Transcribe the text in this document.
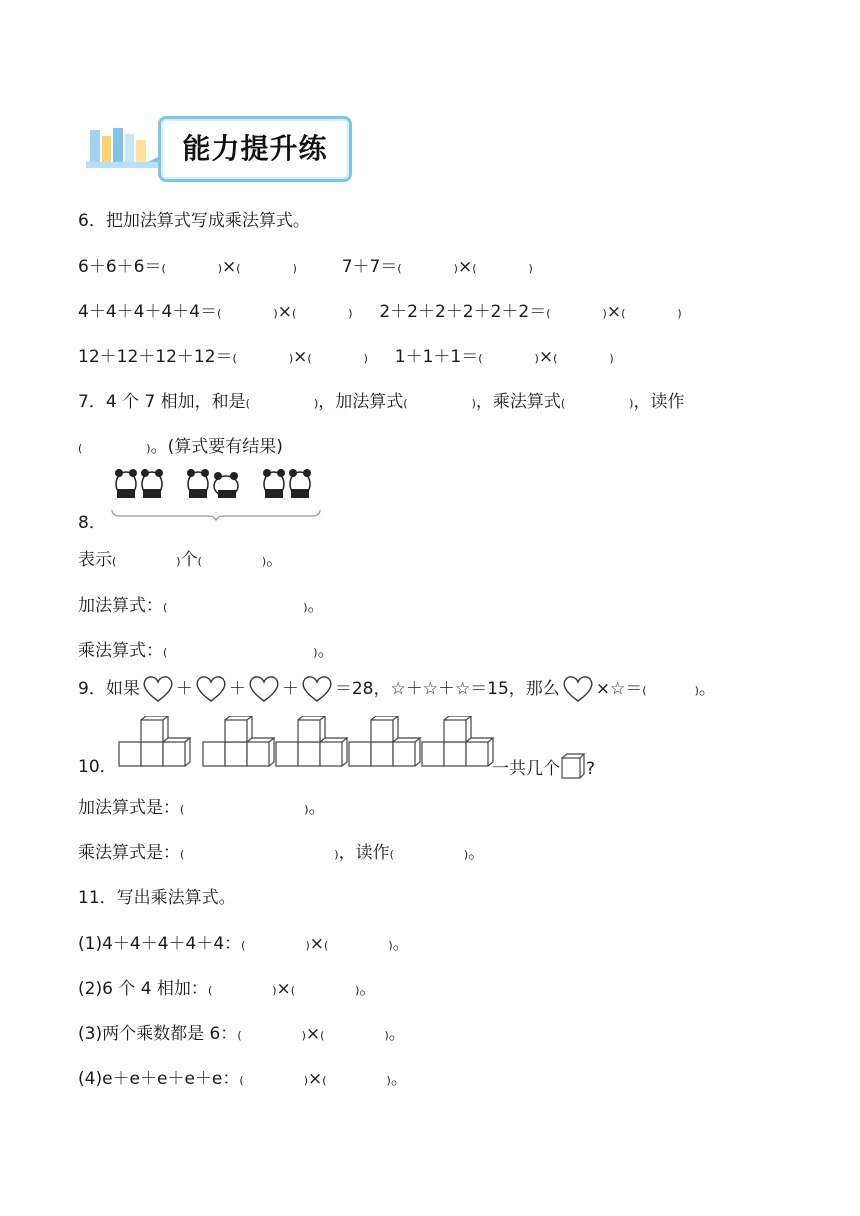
能力提升练
6．把加法算式写成乘法算式。
6＋6＋6＝(	)×(	)	7＋7＝(	)×(	)
4＋4＋4＋4＋4＝(	)×(	) 2＋2＋2＋2＋2＋2＝(	)×(	)
12＋12＋12＋12＝(	)×(	) 1＋1＋1＝(	)×(	)
7．4 个 7 相加，和是(	)，加法算式(	)，乘法算式(	)，读作
(	)。(算式要有结果)
8．
表示(	)个(	)。
加法算式：(	)。
乘法算式：(	)。
9．如果 ＋ ＋ ＋ ＝28，☆＋☆＋☆＝15，那么 ×☆＝(	)。
10．	一共几个 ?
加法算式是：(	)。
乘法算式是：(	)，读作(	)。
11．写出乘法算式。
(1)4＋4＋4＋4＋4：(	)×(	)。
(2)6 个 4 相加：(	)×(	)。
(3)两个乘数都是 6：(	)×(	)。
(4)e＋e＋e＋e＋e：(	)×(	)。
